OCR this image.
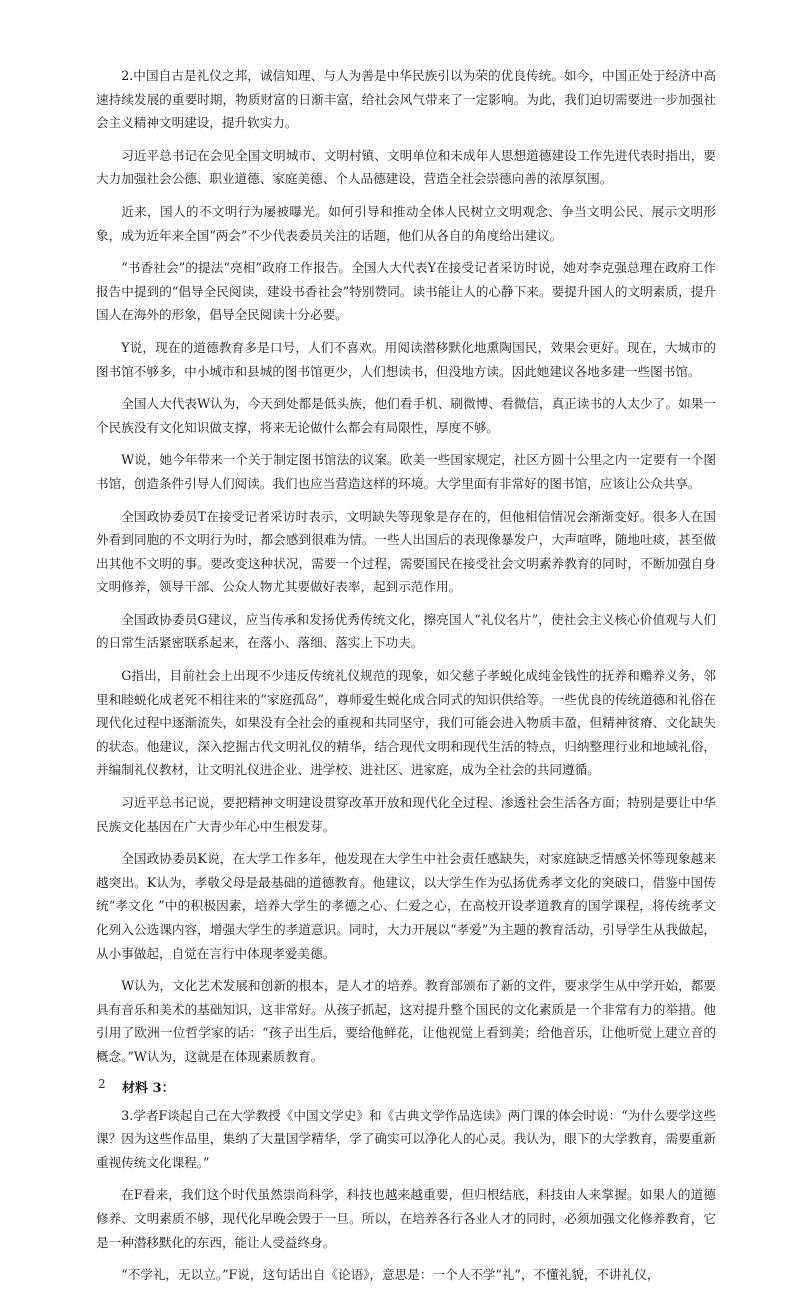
2.中国自古是礼仪之邦，诚信知理、与人为善是中华民族引以为荣的优良传统。如今，中国正处于经济中高速持续发展的重要时期，物质财富的日渐丰富，给社会风气带来了一定影响。为此，我们迫切需要进一步加强社会主义精神文明建设，提升软实力。

习近平总书记在会见全国文明城市、文明村镇、文明单位和未成年人思想道德建设工作先进代表时指出，要大力加强社会公德、职业道德、家庭美德、个人品德建设，营造全社会崇德向善的浓厚氛围。

近来，国人的不文明行为屡被曝光。如何引导和推动全体人民树立文明观念、争当文明公民、展示文明形象，成为近年来全国“两会”不少代表委员关注的话题，他们从各自的角度给出建议。

“书香社会”的提法“亮相”政府工作报告。全国人大代表Y在接受记者采访时说，她对李克强总理在政府工作报告中提到的“倡导全民阅读，建设书香社会”特别赞同。读书能让人的心静下来。要提升国人的文明素质，提升国人在海外的形象，倡导全民阅读十分必要。

Y说，现在的道德教育多是口号，人们不喜欢。用阅读潜移默化地熏陶国民，效果会更好。现在，大城市的图书馆不够多，中小城市和县城的图书馆更少，人们想读书，但没地方读。因此她建议各地多建一些图书馆。

全国人大代表W认为，今天到处都是低头族，他们看手机、刷微博、看微信，真正读书的人太少了。如果一个民族没有文化知识做支撑，将来无论做什么都会有局限性，厚度不够。

W说，她今年带来一个关于制定图书馆法的议案。欧美一些国家规定，社区方圆十公里之内一定要有一个图书馆，创造条件引导人们阅读。我们也应当营造这样的环境。大学里面有非常好的图书馆，应该让公众共享。

全国政协委员T在接受记者采访时表示，文明缺失等现象是存在的，但他相信情况会渐渐变好。很多人在国外看到同胞的不文明行为时，都会感到很难为情。一些人出国后的表现像暴发户，大声喧哗，随地吐痰，甚至做出其他不文明的事。要改变这种状况，需要一个过程，需要国民在接受社会文明素养教育的同时，不断加强自身文明修养，领导干部、公众人物尤其要做好表率，起到示范作用。

全国政协委员G建议，应当传承和发扬优秀传统文化，擦亮国人“礼仪名片”，使社会主义核心价值观与人们的日常生活紧密联系起来，在落小、落细、落实上下功夫。

G指出，目前社会上出现不少违反传统礼仪规范的现象，如父慈子孝蜕化成纯金钱性的抚养和赡养义务，邻里和睦蜕化成老死不相往来的“家庭孤岛”，尊师爱生蜕化成合同式的知识供给等。一些优良的传统道德和礼俗在现代化过程中逐渐流失，如果没有全社会的重视和共同坚守，我们可能会进入物质丰盈，但精神贫瘠、文化缺失的状态。他建议，深入挖掘古代文明礼仪的精华，结合现代文明和现代生活的特点，归纳整理行业和地域礼俗，并编制礼仪教材，让文明礼仪进企业、进学校、进社区、进家庭，成为全社会的共同遵循。

习近平总书记说，要把精神文明建设贯穿改革开放和现代化全过程、渗透社会生活各方面；特别是要让中华民族文化基因在广大青少年心中生根发芽。

全国政协委员K说，在大学工作多年，他发现在大学生中社会责任感缺失，对家庭缺乏情感关怀等现象越来越突出。K认为，孝敬父母是最基础的道德教育。他建议，以大学生作为弘扬优秀孝文化的突破口，借鉴中国传统“孝文化 ”中的积极因素，培养大学生的孝德之心、仁爱之心，在高校开设孝道教育的国学课程，将传统孝文化列入公选课内容，增强大学生的孝道意识。同时，大力开展以“孝爱”为主题的教育活动，引导学生从我做起，从小事做起，自觉在言行中体现孝爱美德。

W认为，文化艺术发展和创新的根本，是人才的培养。教育部颁布了新的文件，要求学生从中学开始，都要具有音乐和美术的基础知识，这非常好。从孩子抓起，这对提升整个国民的文化素质是一个非常有力的举措。他引用了欧洲一位哲学家的话：“孩子出生后，要给他鲜花，让他视觉上看到美；给他音乐，让他听觉上建立音的概念。”W认为，这就是在体现素质教育。

材料 3：

3.学者F谈起自己在大学教授《中国文学史》和《古典文学作品选读》两门课的体会时说：“为什么要学这些课？因为这些作品里，集纳了大量国学精华，学了确实可以净化人的心灵。我认为，眼下的大学教育，需要重新重视传统文化课程。”

在F看来，我们这个时代虽然崇尚科学，科技也越来越重要，但归根结底，科技由人来掌握。如果人的道德修养、文明素质不够，现代化早晚会毁于一旦。所以，在培养各行各业人才的同时，必须加强文化修养教育，它是一种潜移默化的东西，能让人受益终身。

“不学礼，无以立。”F说，这句话出自《论语》，意思是：一个人不学“礼”，不懂礼貌，不讲礼仪，

2
